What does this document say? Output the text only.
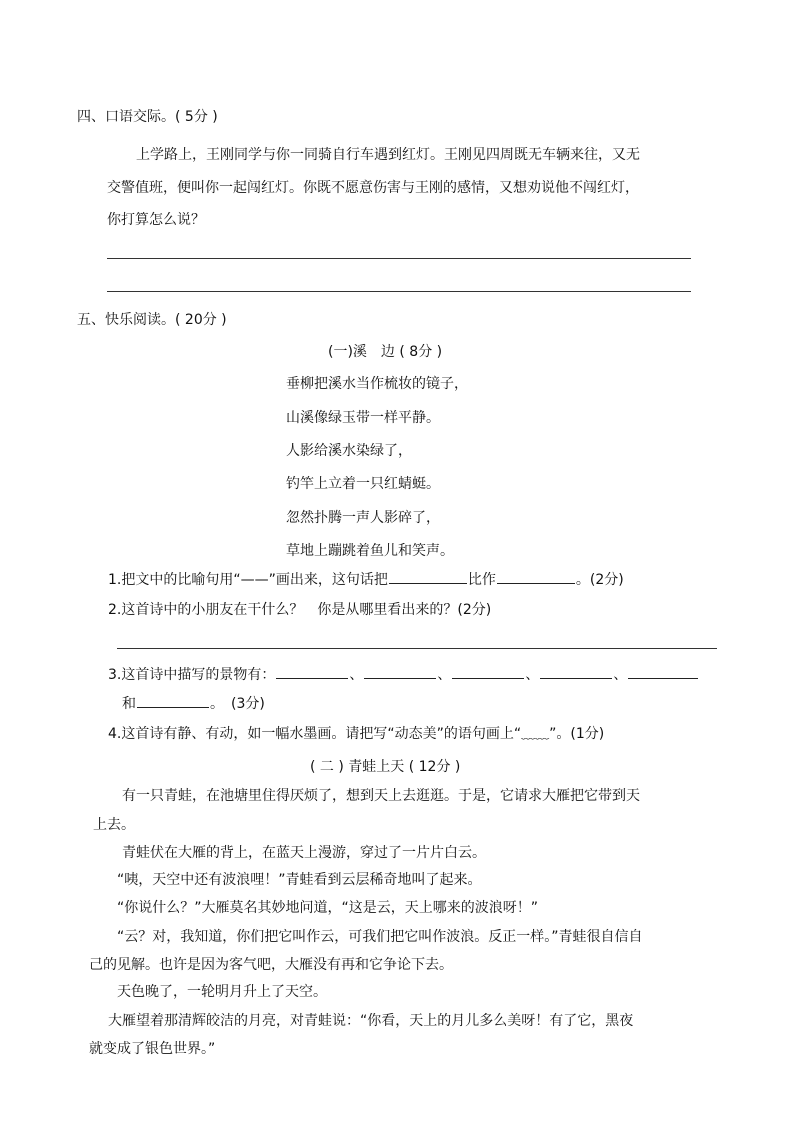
四、口语交际。( 5分 )
上学路上，王刚同学与你一同骑自行车遇到红灯。王刚见四周既无车辆来往，又无
交警值班，便叫你一起闯红灯。你既不愿意伤害与王刚的感情，又想劝说他不闯红灯，
你打算怎么说？
五、快乐阅读。( 20分 )
(一)溪　边 ( 8分 )
垂柳把溪水当作梳妆的镜子，
山溪像绿玉带一样平静。
人影给溪水染绿了，
钓竿上立着一只红蜻蜓。
忽然扑腾一声人影碎了，
草地上蹦跳着鱼儿和笑声。
1.把文中的比喻句用“——”画出来，这句话把	比作	。(2分)
2.这首诗中的小朋友在干什么？　你是从哪里看出来的？(2分)
3.这首诗中描写的景物有：	、	、	、	、
和	。　(3分)
4.这首诗有静、有动，如一幅水墨画。请把写“动态美”的语句画上“﹏﹏”。(1分)
( 二 ) 青蛙上天 ( 12分 )
有一只青蛙，在池塘里住得厌烦了，想到天上去逛逛。于是，它请求大雁把它带到天
上去。
青蛙伏在大雁的背上，在蓝天上漫游，穿过了一片片白云。
“咦，天空中还有波浪哩！”青蛙看到云层稀奇地叫了起来。
“你说什么？”大雁莫名其妙地问道，“这是云，天上哪来的波浪呀！”
“云？对，我知道，你们把它叫作云，可我们把它叫作波浪。反正一样。”青蛙很自信自
己的见解。也许是因为客气吧，大雁没有再和它争论下去。
天色晚了，一轮明月升上了天空。
大雁望着那清辉皎洁的月亮，对青蛙说：“你看，天上的月儿多么美呀！有了它，黑夜
就变成了银色世界。”
